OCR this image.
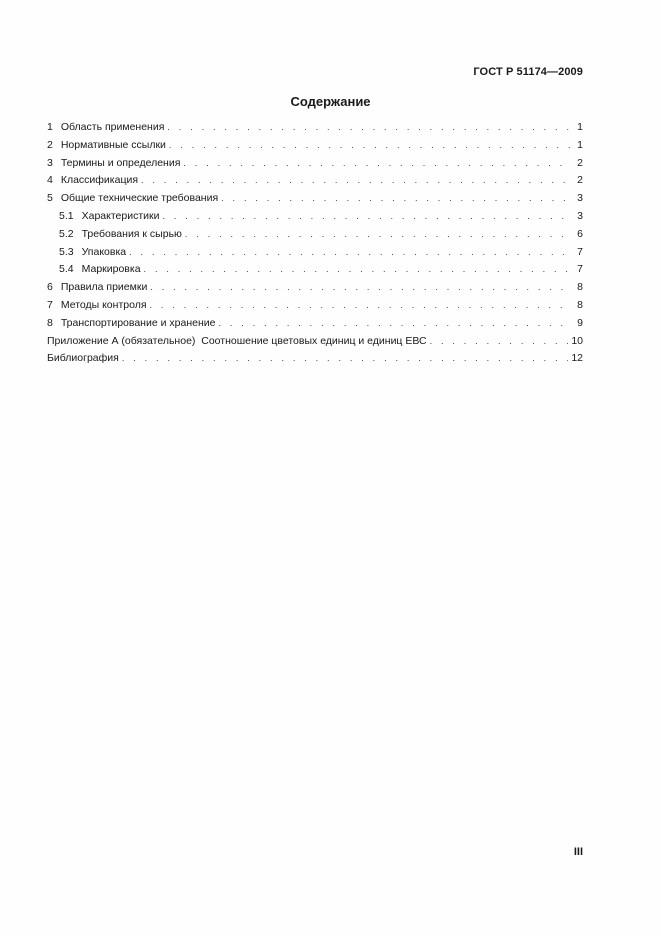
ГОСТ Р 51174—2009
Содержание
1 Область применения . . .	1
2 Нормативные ссылки . . .	1
3 Термины и определения . . .	2
4 Классификация . . .	2
5 Общие технические требования . . .	3
5.1 Характеристики . . .	3
5.2 Требования к сырью . . .	6
5.3 Упаковка . . .	7
5.4 Маркировка . . .	7
6 Правила приемки . . .	8
7 Методы контроля . . .	8
8 Транспортирование и хранение . . .	9
Приложение А (обязательное)  Соотношение цветовых единиц и единиц ЕВС . . .	10
Библиография . . .	12
III
